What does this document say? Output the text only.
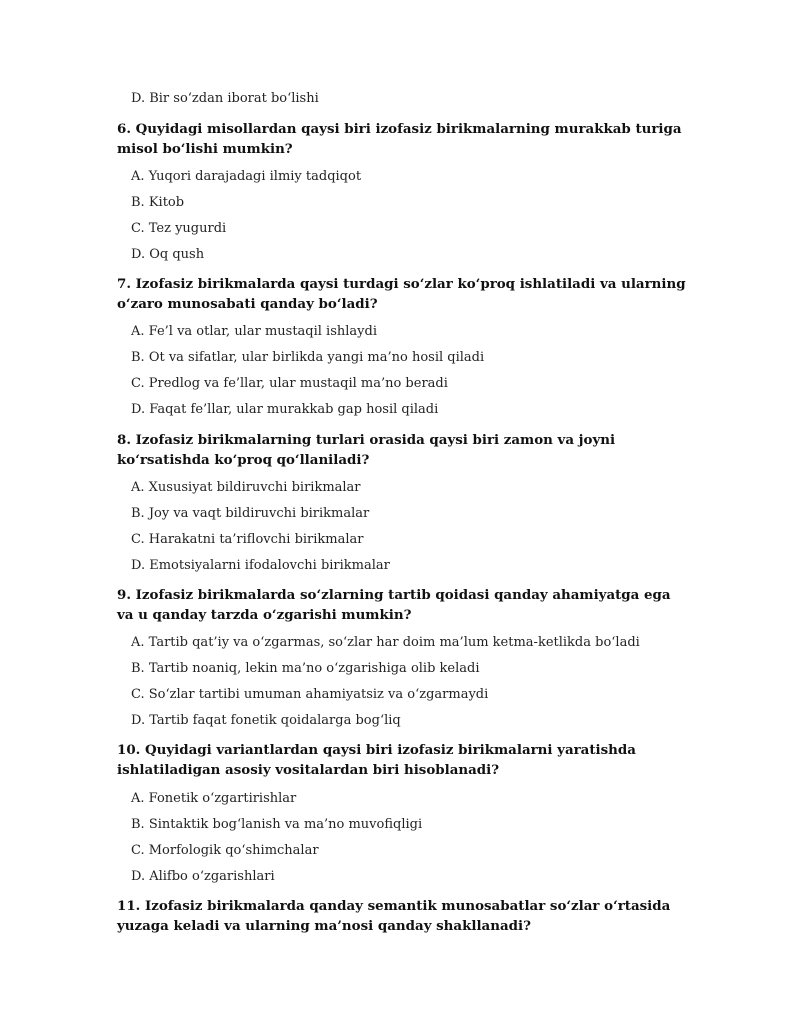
D. Bir so‘zdan iborat bo‘lishi
6. Quyidagi misollardan qaysi biri izofasiz birikmalarning murakkab turiga misol bo‘lishi mumkin?
A. Yuqori darajadagi ilmiy tadqiqot
B. Kitob
C. Tez yugurdi
D. Oq qush
7. Izofasiz birikmalarda qaysi turdagi so‘zlar ko‘proq ishlatiladi va ularning o‘zaro munosabati qanday bo‘ladi?
A. Fe’l va otlar, ular mustaqil ishlaydi
B. Ot va sifatlar, ular birlikda yangi ma’no hosil qiladi
C. Predlog va fe’llar, ular mustaqil ma’no beradi
D. Faqat fe’llar, ular murakkab gap hosil qiladi
8. Izofasiz birikmalarning turlari orasida qaysi biri zamon va joyni ko‘rsatishda ko‘proq qo‘llaniladi?
A. Xususiyat bildiruvchi birikmalar
B. Joy va vaqt bildiruvchi birikmalar
C. Harakatni ta’riflovchi birikmalar
D. Emotsiyalarni ifodalovchi birikmalar
9. Izofasiz birikmalarda so‘zlarning tartib qoidasi qanday ahamiyatga ega va u qanday tarzda o‘zgarishi mumkin?
A. Tartib qat’iy va o‘zgarmas, so‘zlar har doim ma’lum ketma-ketlikda bo‘ladi
B. Tartib noaniq, lekin ma’no o‘zgarishiga olib keladi
C. So‘zlar tartibi umuman ahamiyatsiz va o‘zgarmaydi
D. Tartib faqat fonetik qoidalarga bog‘liq
10. Quyidagi variantlardan qaysi biri izofasiz birikmalarni yaratishda ishlatiladigan asosiy vositalardan biri hisoblanadi?
A. Fonetik o‘zgartirishlar
B. Sintaktik bog‘lanish va ma’no muvofiqligi
C. Morfologik qo‘shimchalar
D. Alifbo o‘zgarishlari
11. Izofasiz birikmalarda qanday semantik munosabatlar so‘zlar o‘rtasida yuzaga keladi va ularning ma’nosi qanday shakllanadi?
